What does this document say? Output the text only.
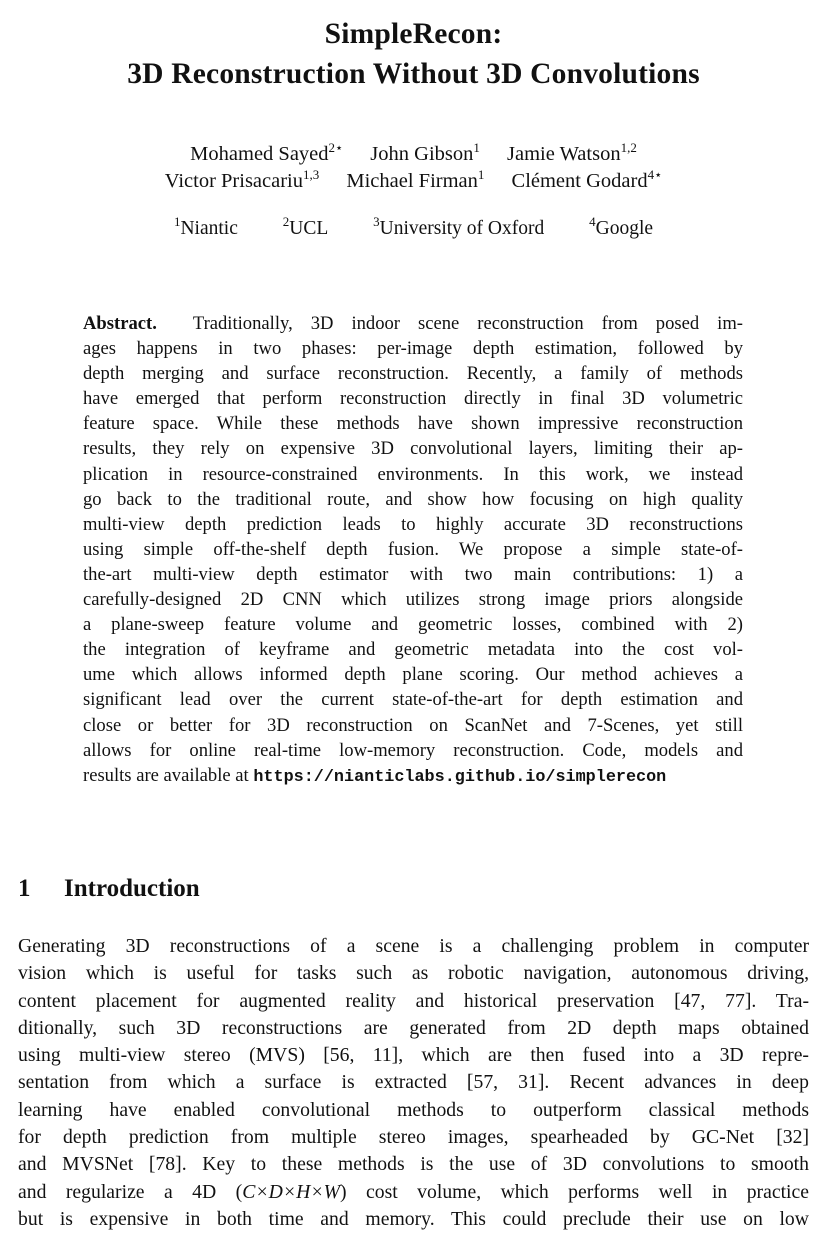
SimpleRecon:
3D Reconstruction Without 3D Convolutions
Mohamed Sayed$^{2⋆}$ John Gibson$^1$ Jamie Watson$^{1,2}$
Victor Prisacariu$^{1,3}$ Michael Firman$^1$ Clément Godard$^{4⋆}$
$^1$Niantic	$^2$UCL	$^3$University of Oxford	$^4$Google
Abstract. Traditionally, 3D indoor scene reconstruction from posed im-
ages happens in two phases: per-image depth estimation, followed by
depth merging and surface reconstruction. Recently, a family of methods
have emerged that perform reconstruction directly in final 3D volumetric
feature space. While these methods have shown impressive reconstruction
results, they rely on expensive 3D convolutional layers, limiting their ap-
plication in resource-constrained environments. In this work, we instead
go back to the traditional route, and show how focusing on high quality
multi-view depth prediction leads to highly accurate 3D reconstructions
using simple off-the-shelf depth fusion. We propose a simple state-of-
the-art multi-view depth estimator with two main contributions: 1) a
carefully-designed 2D CNN which utilizes strong image priors alongside
a plane-sweep feature volume and geometric losses, combined with 2)
the integration of keyframe and geometric metadata into the cost vol-
ume which allows informed depth plane scoring. Our method achieves a
significant lead over the current state-of-the-art for depth estimation and
close or better for 3D reconstruction on ScanNet and 7-Scenes, yet still
allows for online real-time low-memory reconstruction. Code, models and
results are available at https://nianticlabs.github.io/simplerecon
1 Introduction
Generating 3D reconstructions of a scene is a challenging problem in computer
vision which is useful for tasks such as robotic navigation, autonomous driving,
content placement for augmented reality and historical preservation [47, 77]. Tra-
ditionally, such 3D reconstructions are generated from 2D depth maps obtained
using multi-view stereo (MVS) [56, 11], which are then fused into a 3D repre-
sentation from which a surface is extracted [57, 31]. Recent advances in deep
learning have enabled convolutional methods to outperform classical methods
for depth prediction from multiple stereo images, spearheaded by GC-Net [32]
and MVSNet [78]. Key to these methods is the use of 3D convolutions to smooth
and regularize a 4D (C×D×H×W) cost volume, which performs well in practice
but is expensive in both time and memory. This could preclude their use on low
